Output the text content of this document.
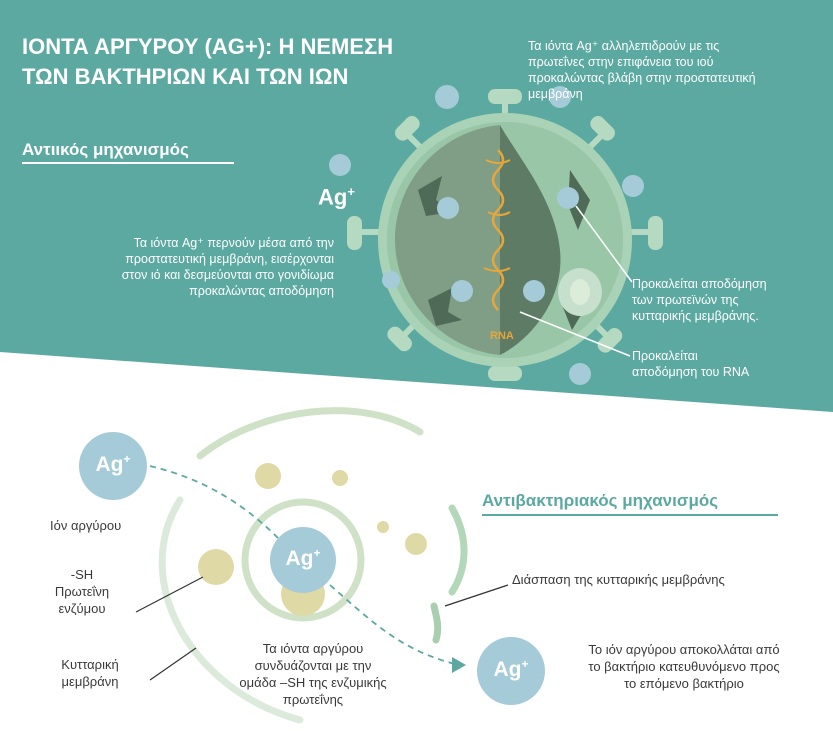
ΙΟΝΤΑ ΑΡΓΥΡΟΥ (AG+): Η ΝΕΜΕΣΗ
ΤΩΝ ΒΑΚΤΗΡΙΩΝ ΚΑΙ ΤΩΝ ΙΩΝ
Αντιικός μηχανισμός
Τα ιόντα Ag⁺ αλληλεπιδρούν με τις
πρωτεΐνες στην επιφάνεια του ιού
προκαλώντας βλάβη στην προστατευτική
μεμβράνη
Τα ιόντα Ag⁺ περνούν μέσα από την
προστατευτική μεμβράνη, εισέρχονται
στον ιό και δεσμεύονται στο γονιδίωμα
προκαλώντας αποδόμηση	Προκαλείται αποδόμηση
των πρωτεϊνών της
κυτταρικής μεμβράνης.
Προκαλείται
αποδόμηση του RNA
Ag+
RNA
Αντιβακτηριακός μηχανισμός
Ag+
Ag+
Ag+
Ιόν αργύρου
-SH
Πρωτεΐνη
ενζύμου
Κυτταρική
μεμβράνη
Τα ιόντα αργύρου
συνδυάζονται με την
ομάδα –SH της ενζυμικής
πρωτεΐνης
Διάσπαση της κυτταρικής μεμβράνης
Το ιόν αργύρου αποκολλάται από
το βακτήριο κατευθυνόμενο προς
το επόμενο βακτήριο
